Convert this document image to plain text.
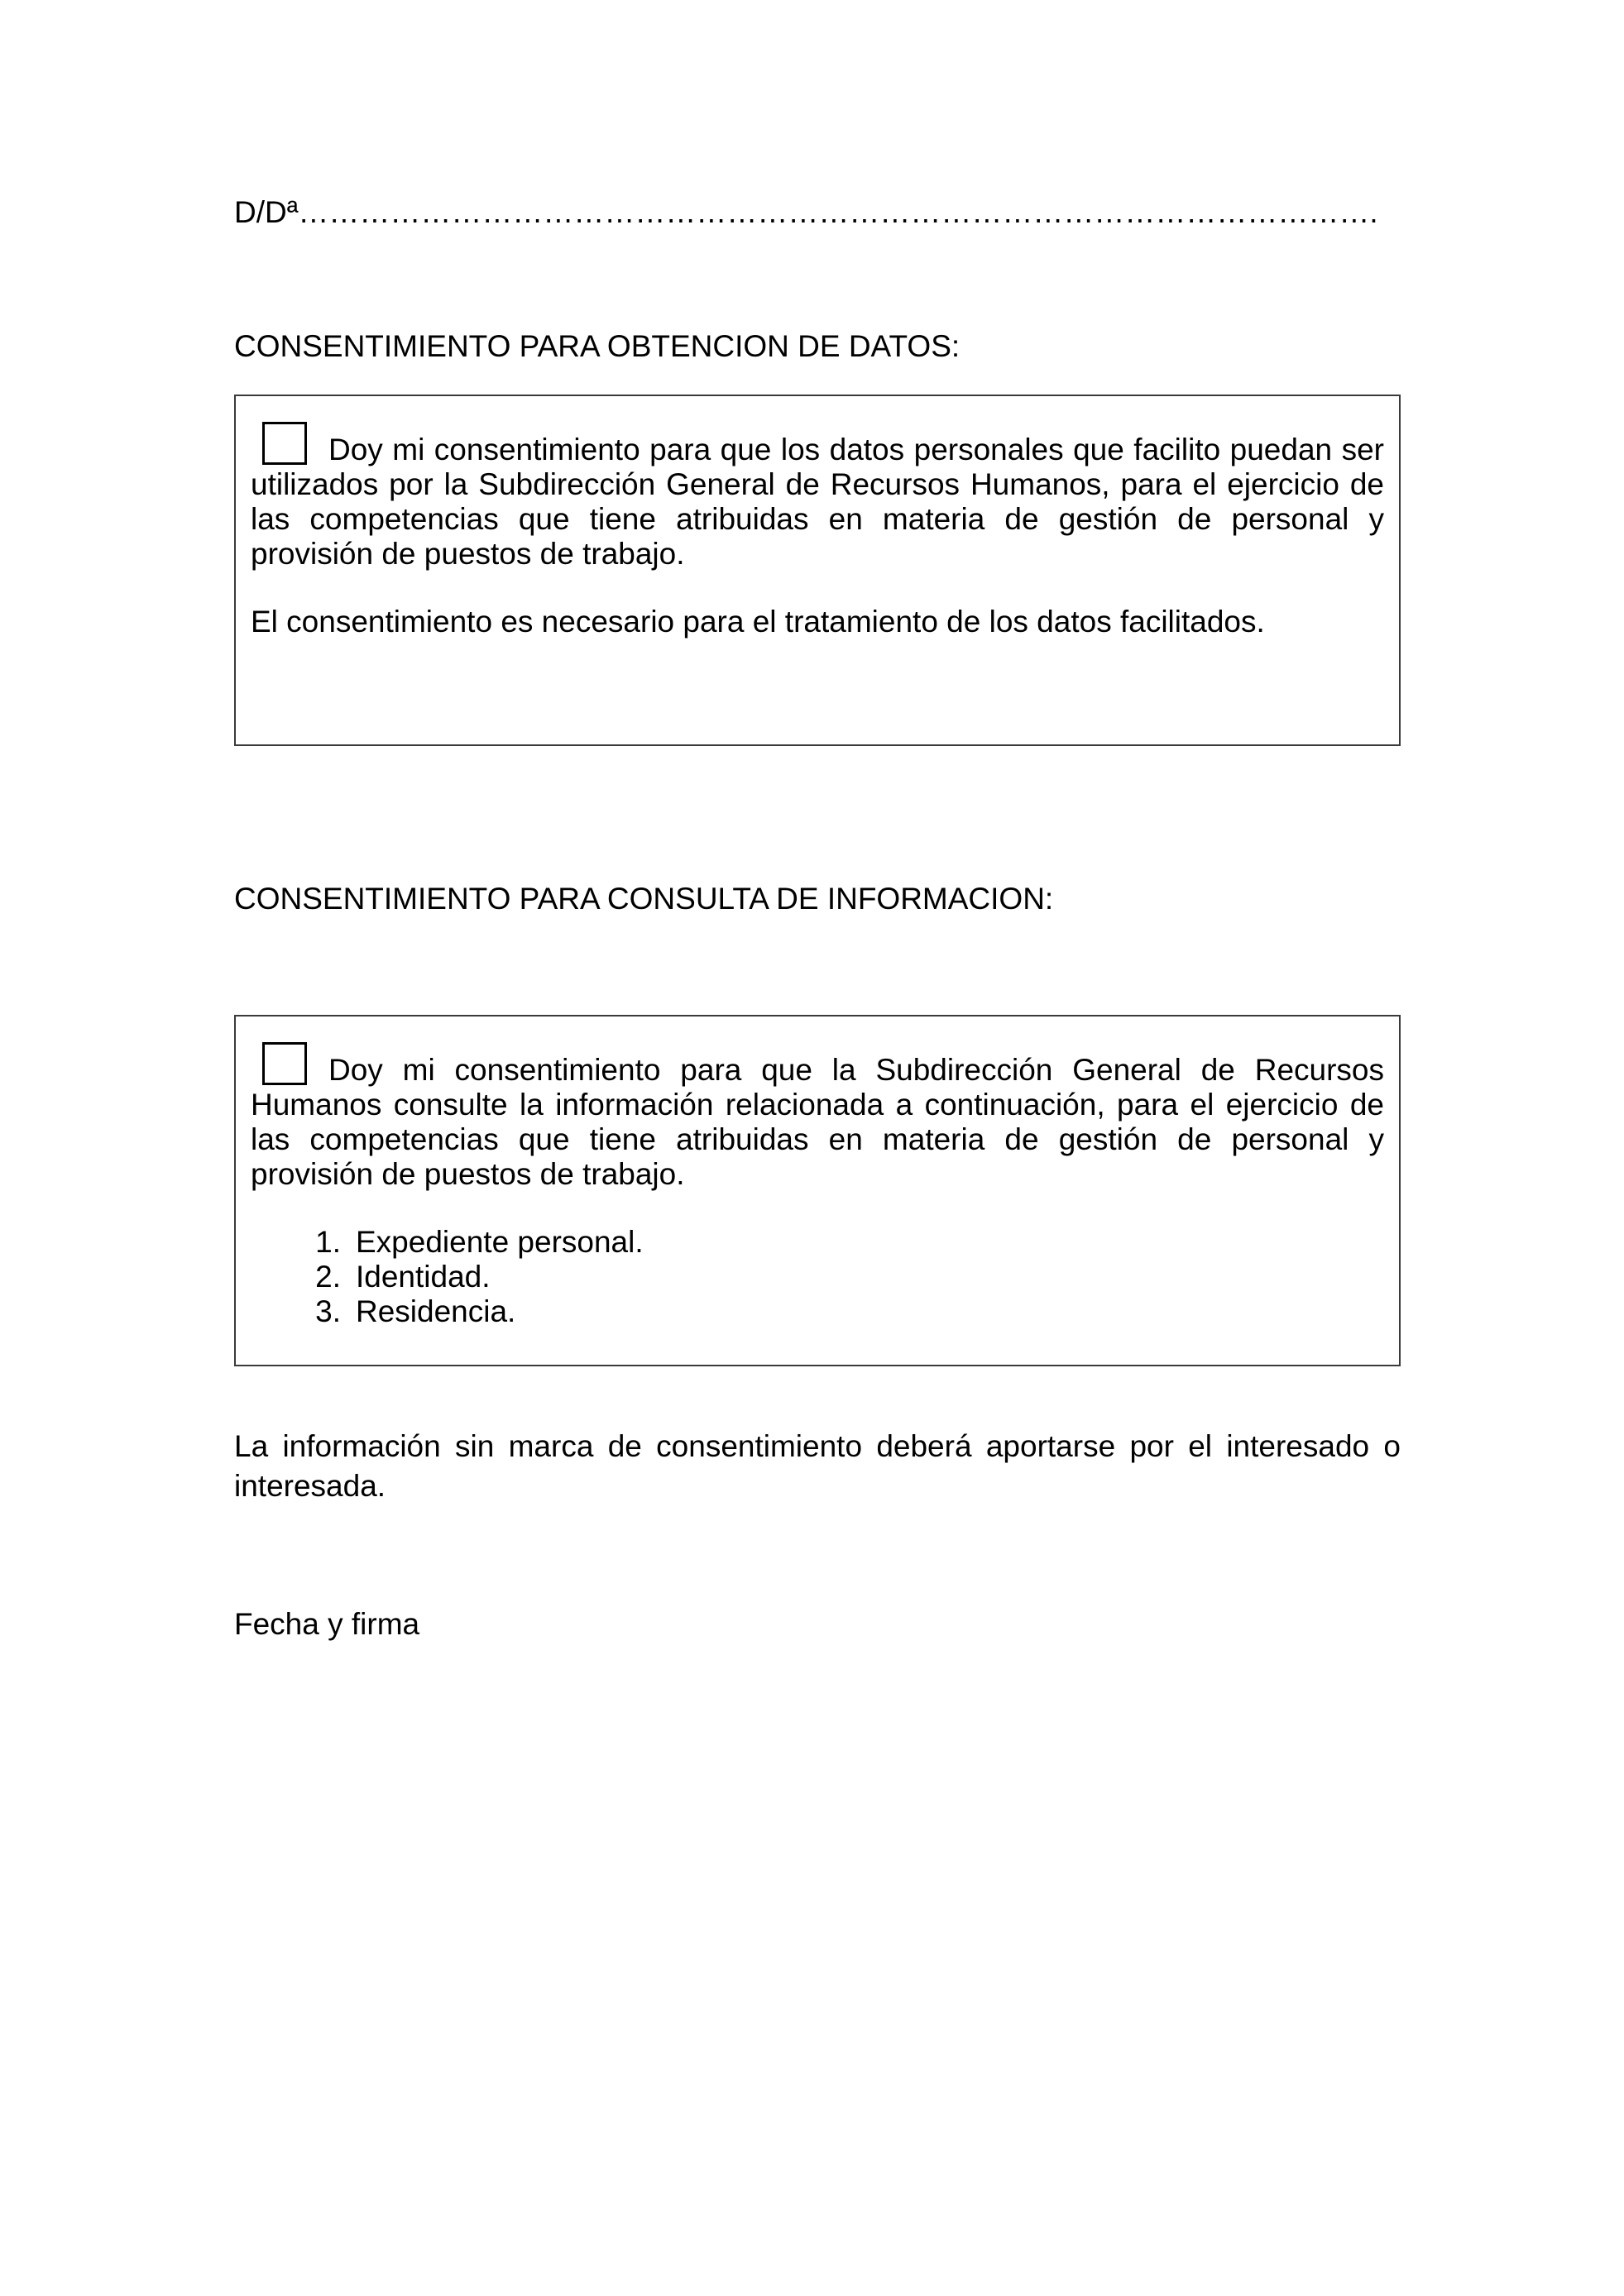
D/Dª…………………………………………………………………………………………….
CONSENTIMIENTO PARA OBTENCION DE DATOS:

Doy mi consentimiento para que los datos personales que facilito puedan ser utilizados por la Subdirección General de Recursos Humanos, para el ejercicio de las competencias que tiene atribuidas en materia de gestión de personal y provisión de puestos de trabajo.

El consentimiento es necesario para el tratamiento de los datos facilitados.

CONSENTIMIENTO PARA CONSULTA DE INFORMACION:

Doy mi consentimiento para que la Subdirección General de Recursos Humanos consulte la información relacionada a continuación, para el ejercicio de las competencias que tiene atribuidas en materia de gestión de personal y provisión de puestos de trabajo.

1. Expediente personal.
2. Identidad.
3. Residencia.

La información sin marca de consentimiento deberá aportarse por el interesado o interesada.

Fecha y firma
